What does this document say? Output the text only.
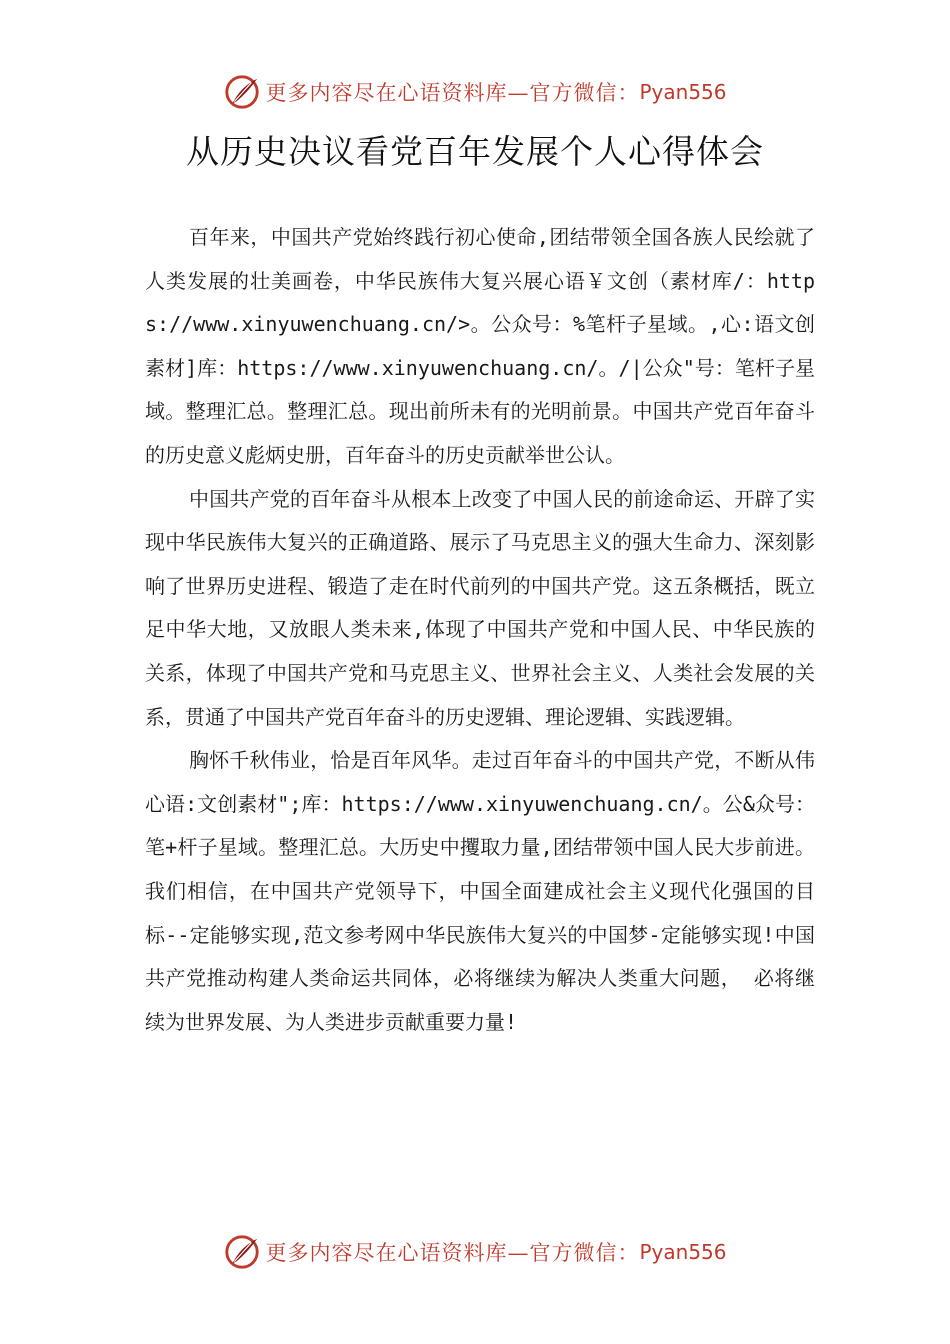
更多内容尽在心语资料库—官方微信： Pyan556
从历史决议看党百年发展个人心得体会

百年来，中国共产党始终践行初心使命,团结带领全国各族人民绘就了人类发展的壮美画卷，中华民族伟大复兴展心语￥文创（素材库/：https://www.xinyuwenchuang.cn/>。公众号：%笔杆子星域。,心:语文创素材]库：https://www.xinyuwenchuang.cn/。/|公众"号：笔杆子星域。整理汇总。整理汇总。现出前所未有的光明前景。中国共产党百年奋斗的历史意义彪炳史册，百年奋斗的历史贡献举世公认。

中国共产党的百年奋斗从根本上改变了中国人民的前途命运、开辟了实现中华民族伟大复兴的正确道路、展示了马克思主义的强大生命力、深刻影响了世界历史进程、锻造了走在时代前列的中国共产党。这五条概括，既立足中华大地，又放眼人类未来,体现了中国共产党和中国人民、中华民族的关系，体现了中国共产党和马克思主义、世界社会主义、人类社会发展的关系，贯通了中国共产党百年奋斗的历史逻辑、理论逻辑、实践逻辑。

胸怀千秋伟业，恰是百年风华。走过百年奋斗的中国共产党，不断从伟心语:文创素材";库：https://www.xinyuwenchuang.cn/。公&众号：笔+杆子星域。整理汇总。大历史中攫取力量,团结带领中国人民大步前进。我们相信，在中国共产党领导下，中国全面建成社会主义现代化强国的目标--定能够实现,范文参考网中华民族伟大复兴的中国梦-定能够实现!中国共产党推动构建人类命运共同体，必将继续为解决人类重大问题， 必将继续为世界发展、为人类进步贡献重要力量!

更多内容尽在心语资料库—官方微信： Pyan556
